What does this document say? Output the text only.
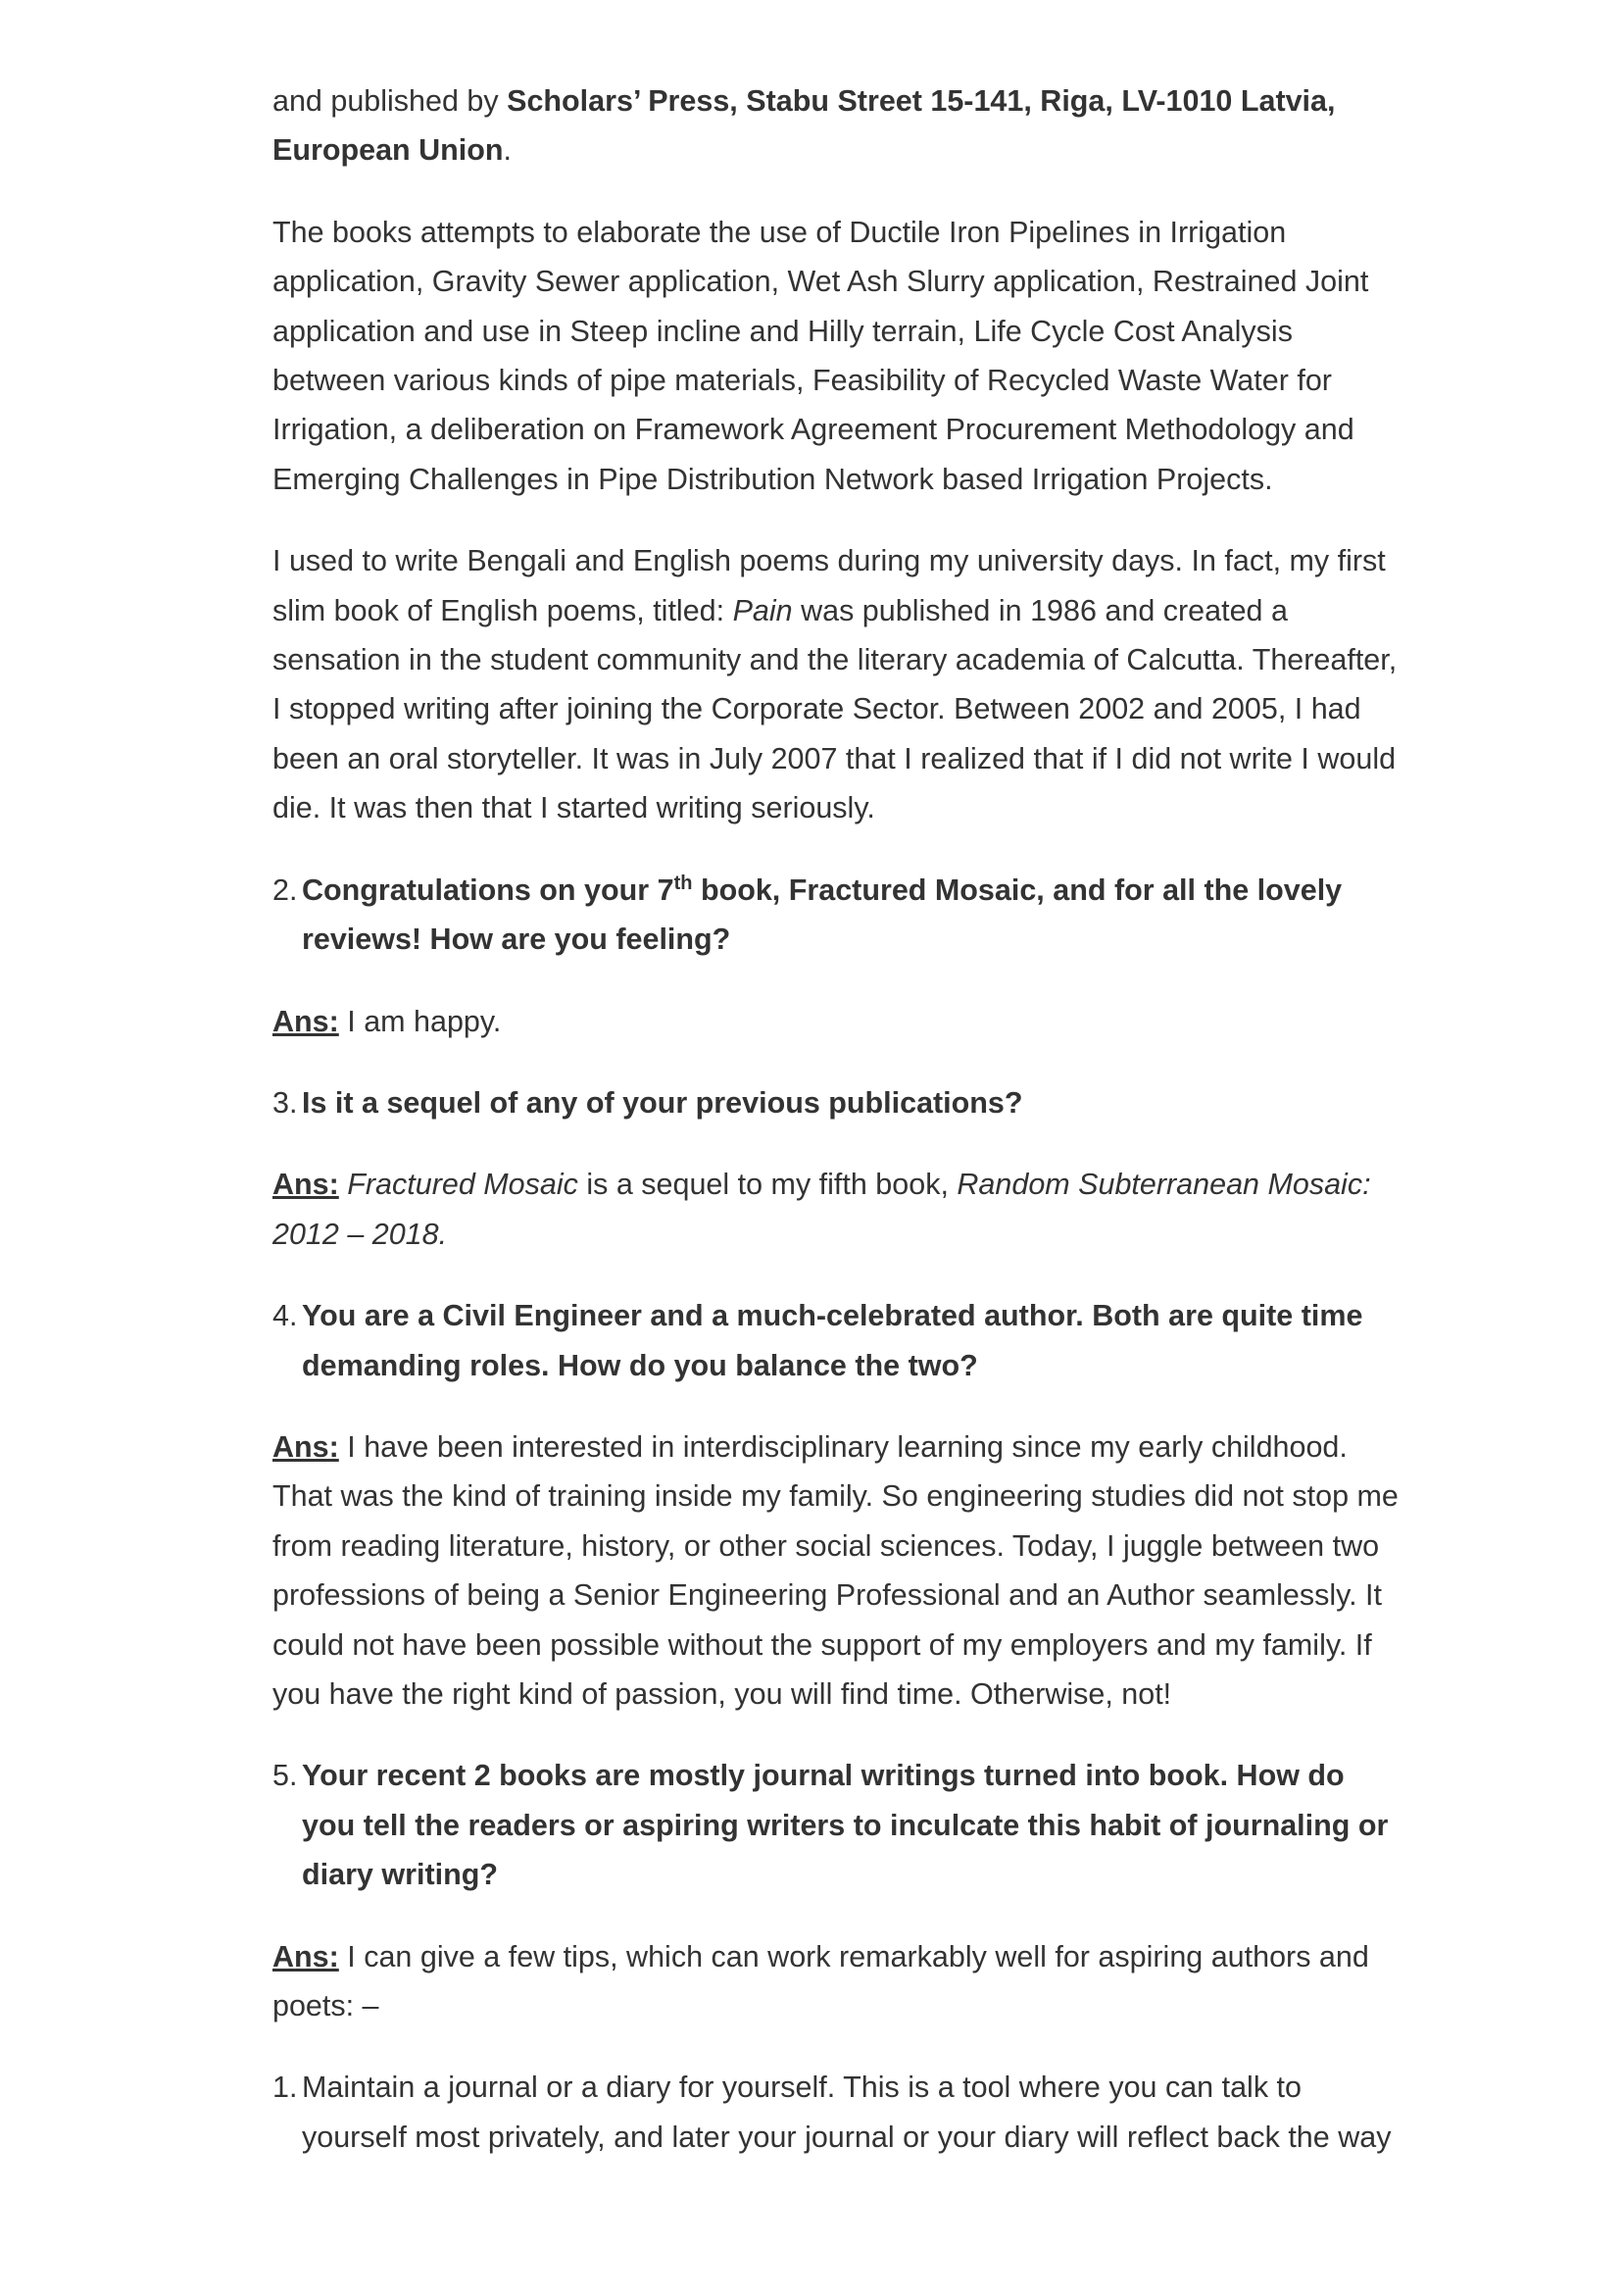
and published by Scholars’ Press, Stabu Street 15-141, Riga, LV-1010 Latvia, European Union.

The books attempts to elaborate the use of Ductile Iron Pipelines in Irrigation application, Gravity Sewer application, Wet Ash Slurry application, Restrained Joint application and use in Steep incline and Hilly terrain, Life Cycle Cost Analysis between various kinds of pipe materials, Feasibility of Recycled Waste Water for Irrigation, a deliberation on Framework Agreement Procurement Methodology and Emerging Challenges in Pipe Distribution Network based Irrigation Projects.

I used to write Bengali and English poems during my university days. In fact, my first slim book of English poems, titled: Pain was published in 1986 and created a sensation in the student community and the literary academia of Calcutta. Thereafter, I stopped writing after joining the Corporate Sector. Between 2002 and 2005, I had been an oral storyteller. It was in July 2007 that I realized that if I did not write I would die. It was then that I started writing seriously.

2. Congratulations on your 7th book, Fractured Mosaic, and for all the lovely reviews! How are you feeling?

Ans: I am happy.

3. Is it a sequel of any of your previous publications?

Ans: Fractured Mosaic is a sequel to my fifth book, Random Subterranean Mosaic: 2012 – 2018.

4. You are a Civil Engineer and a much-celebrated author. Both are quite time demanding roles. How do you balance the two?

Ans: I have been interested in interdisciplinary learning since my early childhood. That was the kind of training inside my family. So engineering studies did not stop me from reading literature, history, or other social sciences. Today, I juggle between two professions of being a Senior Engineering Professional and an Author seamlessly. It could not have been possible without the support of my employers and my family. If you have the right kind of passion, you will find time. Otherwise, not!

5. Your recent 2 books are mostly journal writings turned into book. How do you tell the readers or aspiring writers to inculcate this habit of journaling or diary writing?

Ans: I can give a few tips, which can work remarkably well for aspiring authors and poets: –

1. Maintain a journal or a diary for yourself. This is a tool where you can talk to yourself most privately, and later your journal or your diary will reflect back the way
